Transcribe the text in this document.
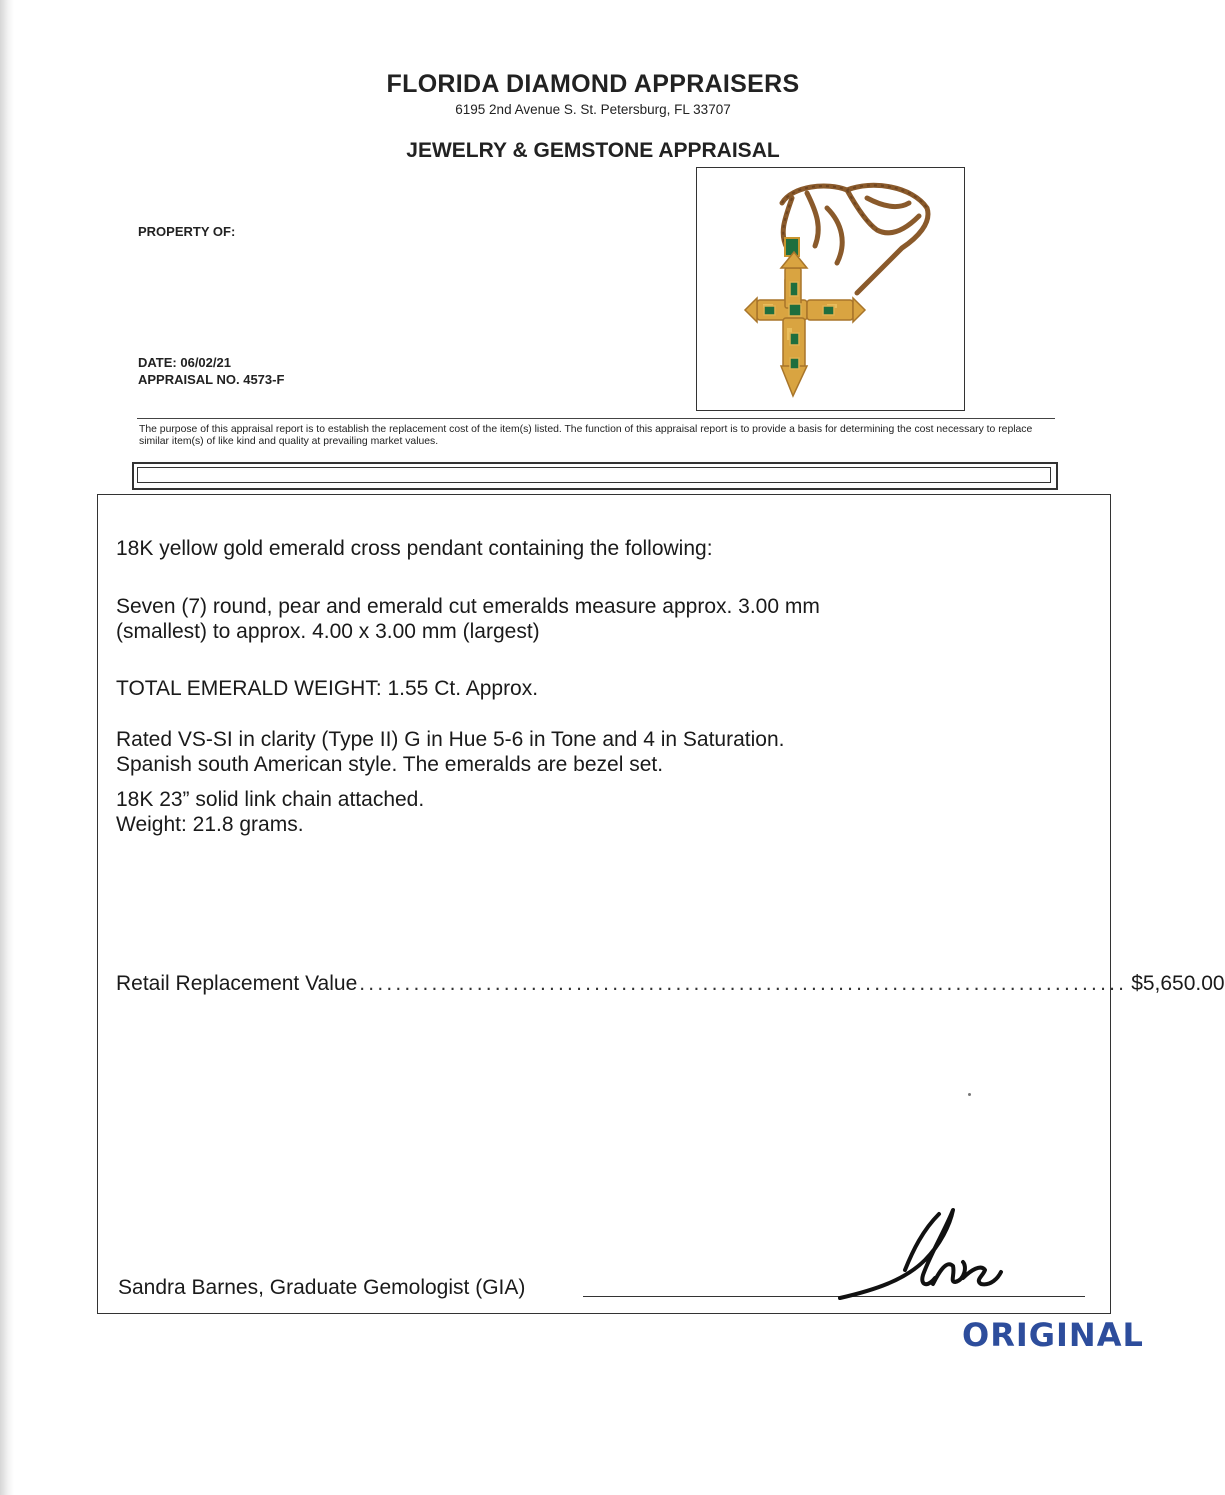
FLORIDA DIAMOND APPRAISERS
6195 2nd Avenue S. St. Petersburg, FL 33707
JEWELRY & GEMSTONE APPRAISAL
PROPERTY OF:
DATE: 06/02/21
APPRAISAL NO. 4573-F
The purpose of this appraisal report is to establish the replacement cost of the item(s) listed. The function of this appraisal report is to provide a basis for determining the cost necessary to replace similar item(s) of like kind and quality at prevailing market values.
18K yellow gold emerald cross pendant containing the following:
Seven (7) round, pear and emerald cut emeralds measure approx. 3.00 mm
(smallest) to approx. 4.00 x 3.00 mm (largest)
TOTAL EMERALD WEIGHT: 1.55 Ct. Approx.
Rated VS-SI in clarity (Type II) G in Hue 5-6 in Tone and 4 in Saturation.
Spanish south American style. The emeralds are bezel set.
18K 23” solid link chain attached.
Weight: 21.8 grams.
Retail Replacement Value ..................................................................................... $5,650.00
Sandra Barnes, Graduate Gemologist (GIA)
ORIGINAL
